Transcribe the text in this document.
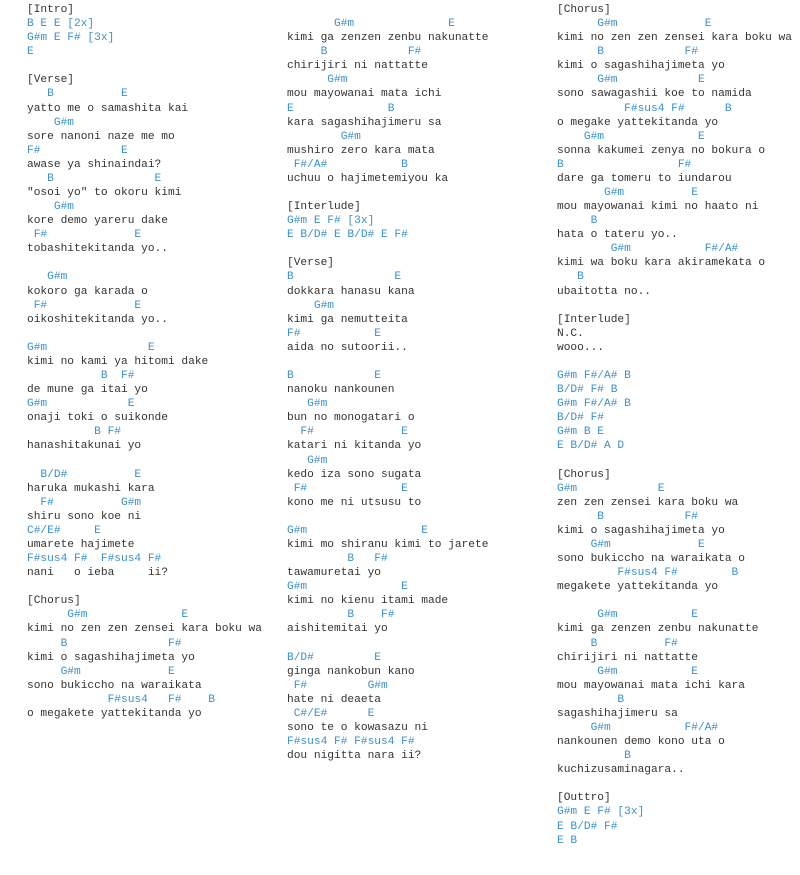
[Intro]
B E E [2x]
G#m E F# [3x]
E
[Verse]
B          E
yatto me o samashita kai
G#m
sore nanoni naze me mo
F#            E
awase ya shinaindai?
B               E
"osoi yo" to okoru kimi
G#m
kore demo yareru dake
F#             E
tobashitekitanda yo..
G#m
kokoro ga karada o
F#             E
oikoshitekitanda yo..
G#m               E
kimi no kami ya hitomi dake
B  F#
de mune ga itai yo
G#m            E
onaji toki o suikonde
B F#
hanashitakunai yo
B/D#          E
haruka mukashi kara
F#          G#m
shiru sono koe ni
C#/E#     E
umarete hajimete
F#sus4 F#  F#sus4 F#
nani   o ieba     ii?
[Chorus]
G#m              E
kimi no zen zen zensei kara boku wa
B               F#
kimi o sagashihajimeta yo
G#m             E
sono bukiccho na waraikata
F#sus4   F#    B
o megakete yattekitanda yo
G#m              E
kimi ga zenzen zenbu nakunatte
B            F#
chirijiri ni nattatte
G#m
mou mayowanai mata ichi
E              B
kara sagashihajimeru sa
G#m
mushiro zero kara mata
F#/A#           B
uchuu o hajimetemiyou ka
[Interlude]
G#m E F# [3x]
E B/D# E B/D# E F#
[Verse]
B               E
dokkara hanasu kana
G#m
kimi ga nemutteita
F#           E
aida no sutoorii..
B            E
nanoku nankounen
G#m
bun no monogatari o
F#             E
katari ni kitanda yo
G#m
kedo iza sono sugata
F#              E
kono me ni utsusu to
G#m                 E
kimi mo shiranu kimi to jarete
B   F#
tawamuretai yo
G#m              E
kimi no kienu itami made
B    F#
aishitemitai yo
B/D#         E
ginga nankobun kano
F#         G#m
hate ni deaeta
C#/E#      E
sono te o kowasazu ni
F#sus4 F# F#sus4 F#
dou nigitta nara ii?
[Chorus]
G#m             E
kimi no zen zen zensei kara boku wa
B            F#
kimi o sagashihajimeta yo
G#m            E
sono sawagashii koe to namida
F#sus4 F#      B
o megake yattekitanda yo
G#m              E
sonna kakumei zenya no bokura o
B                 F#
dare ga tomeru to iundarou
G#m          E
mou mayowanai kimi no haato ni
B
hata o tateru yo..
G#m           F#/A#
kimi wa boku kara akiramekata o
B
ubaitotta no..
[Interlude]
N.C.
wooo...
G#m F#/A# B
B/D# F# B
G#m F#/A# B
B/D# F#
G#m B E
E B/D# A D
[Chorus]
G#m            E
zen zen zensei kara boku wa
B            F#
kimi o sagashihajimeta yo
G#m             E
sono bukiccho na waraikata o
F#sus4 F#        B
megakete yattekitanda yo
G#m           E
kimi ga zenzen zenbu nakunatte
B          F#
chirijiri ni nattatte
G#m           E
mou mayowanai mata ichi kara
B
sagashihajimeru sa
G#m           F#/A#
nankounen demo kono uta o
B
kuchizusaminagara..
[Outtro]
G#m E F# [3x]
E B/D# F#
E B
